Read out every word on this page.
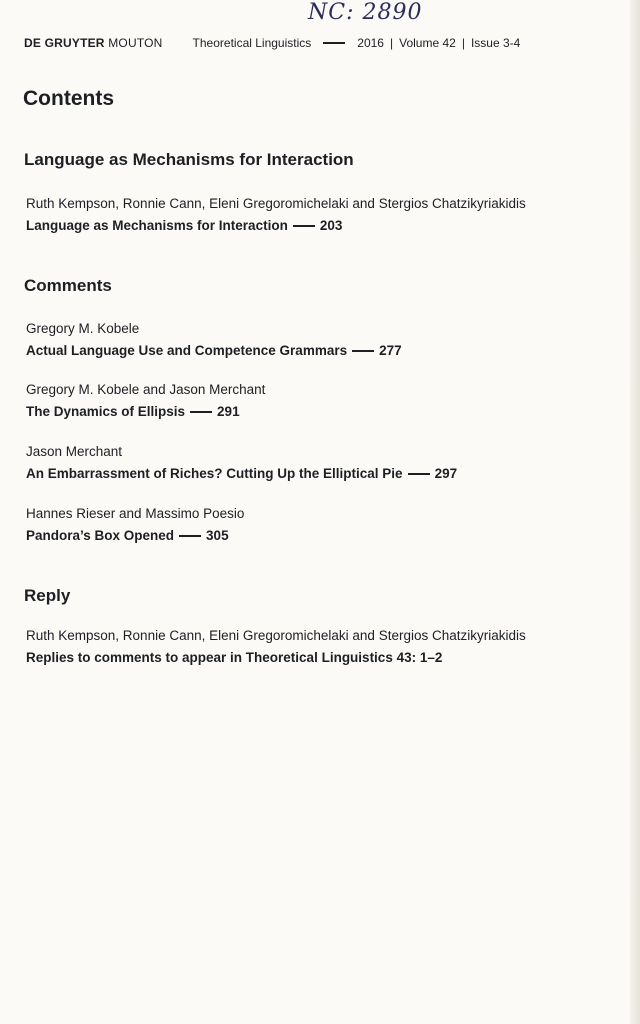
NC: 2890
DE GRUYTER MOUTON	Theoretical Linguistics	2016 | Volume 42 | Issue 3-4
Contents
Language as Mechanisms for Interaction
Ruth Kempson, Ronnie Cann, Eleni Gregoromichelaki and Stergios Chatzikyriakidis
Language as Mechanisms for Interaction 203
Comments
Gregory M. Kobele
Actual Language Use and Competence Grammars 277
Gregory M. Kobele and Jason Merchant
The Dynamics of Ellipsis 291
Jason Merchant
An Embarrassment of Riches? Cutting Up the Elliptical Pie 297
Hannes Rieser and Massimo Poesio
Pandora’s Box Opened 305
Reply
Ruth Kempson, Ronnie Cann, Eleni Gregoromichelaki and Stergios Chatzikyriakidis
Replies to comments to appear in Theoretical Linguistics 43: 1–2
